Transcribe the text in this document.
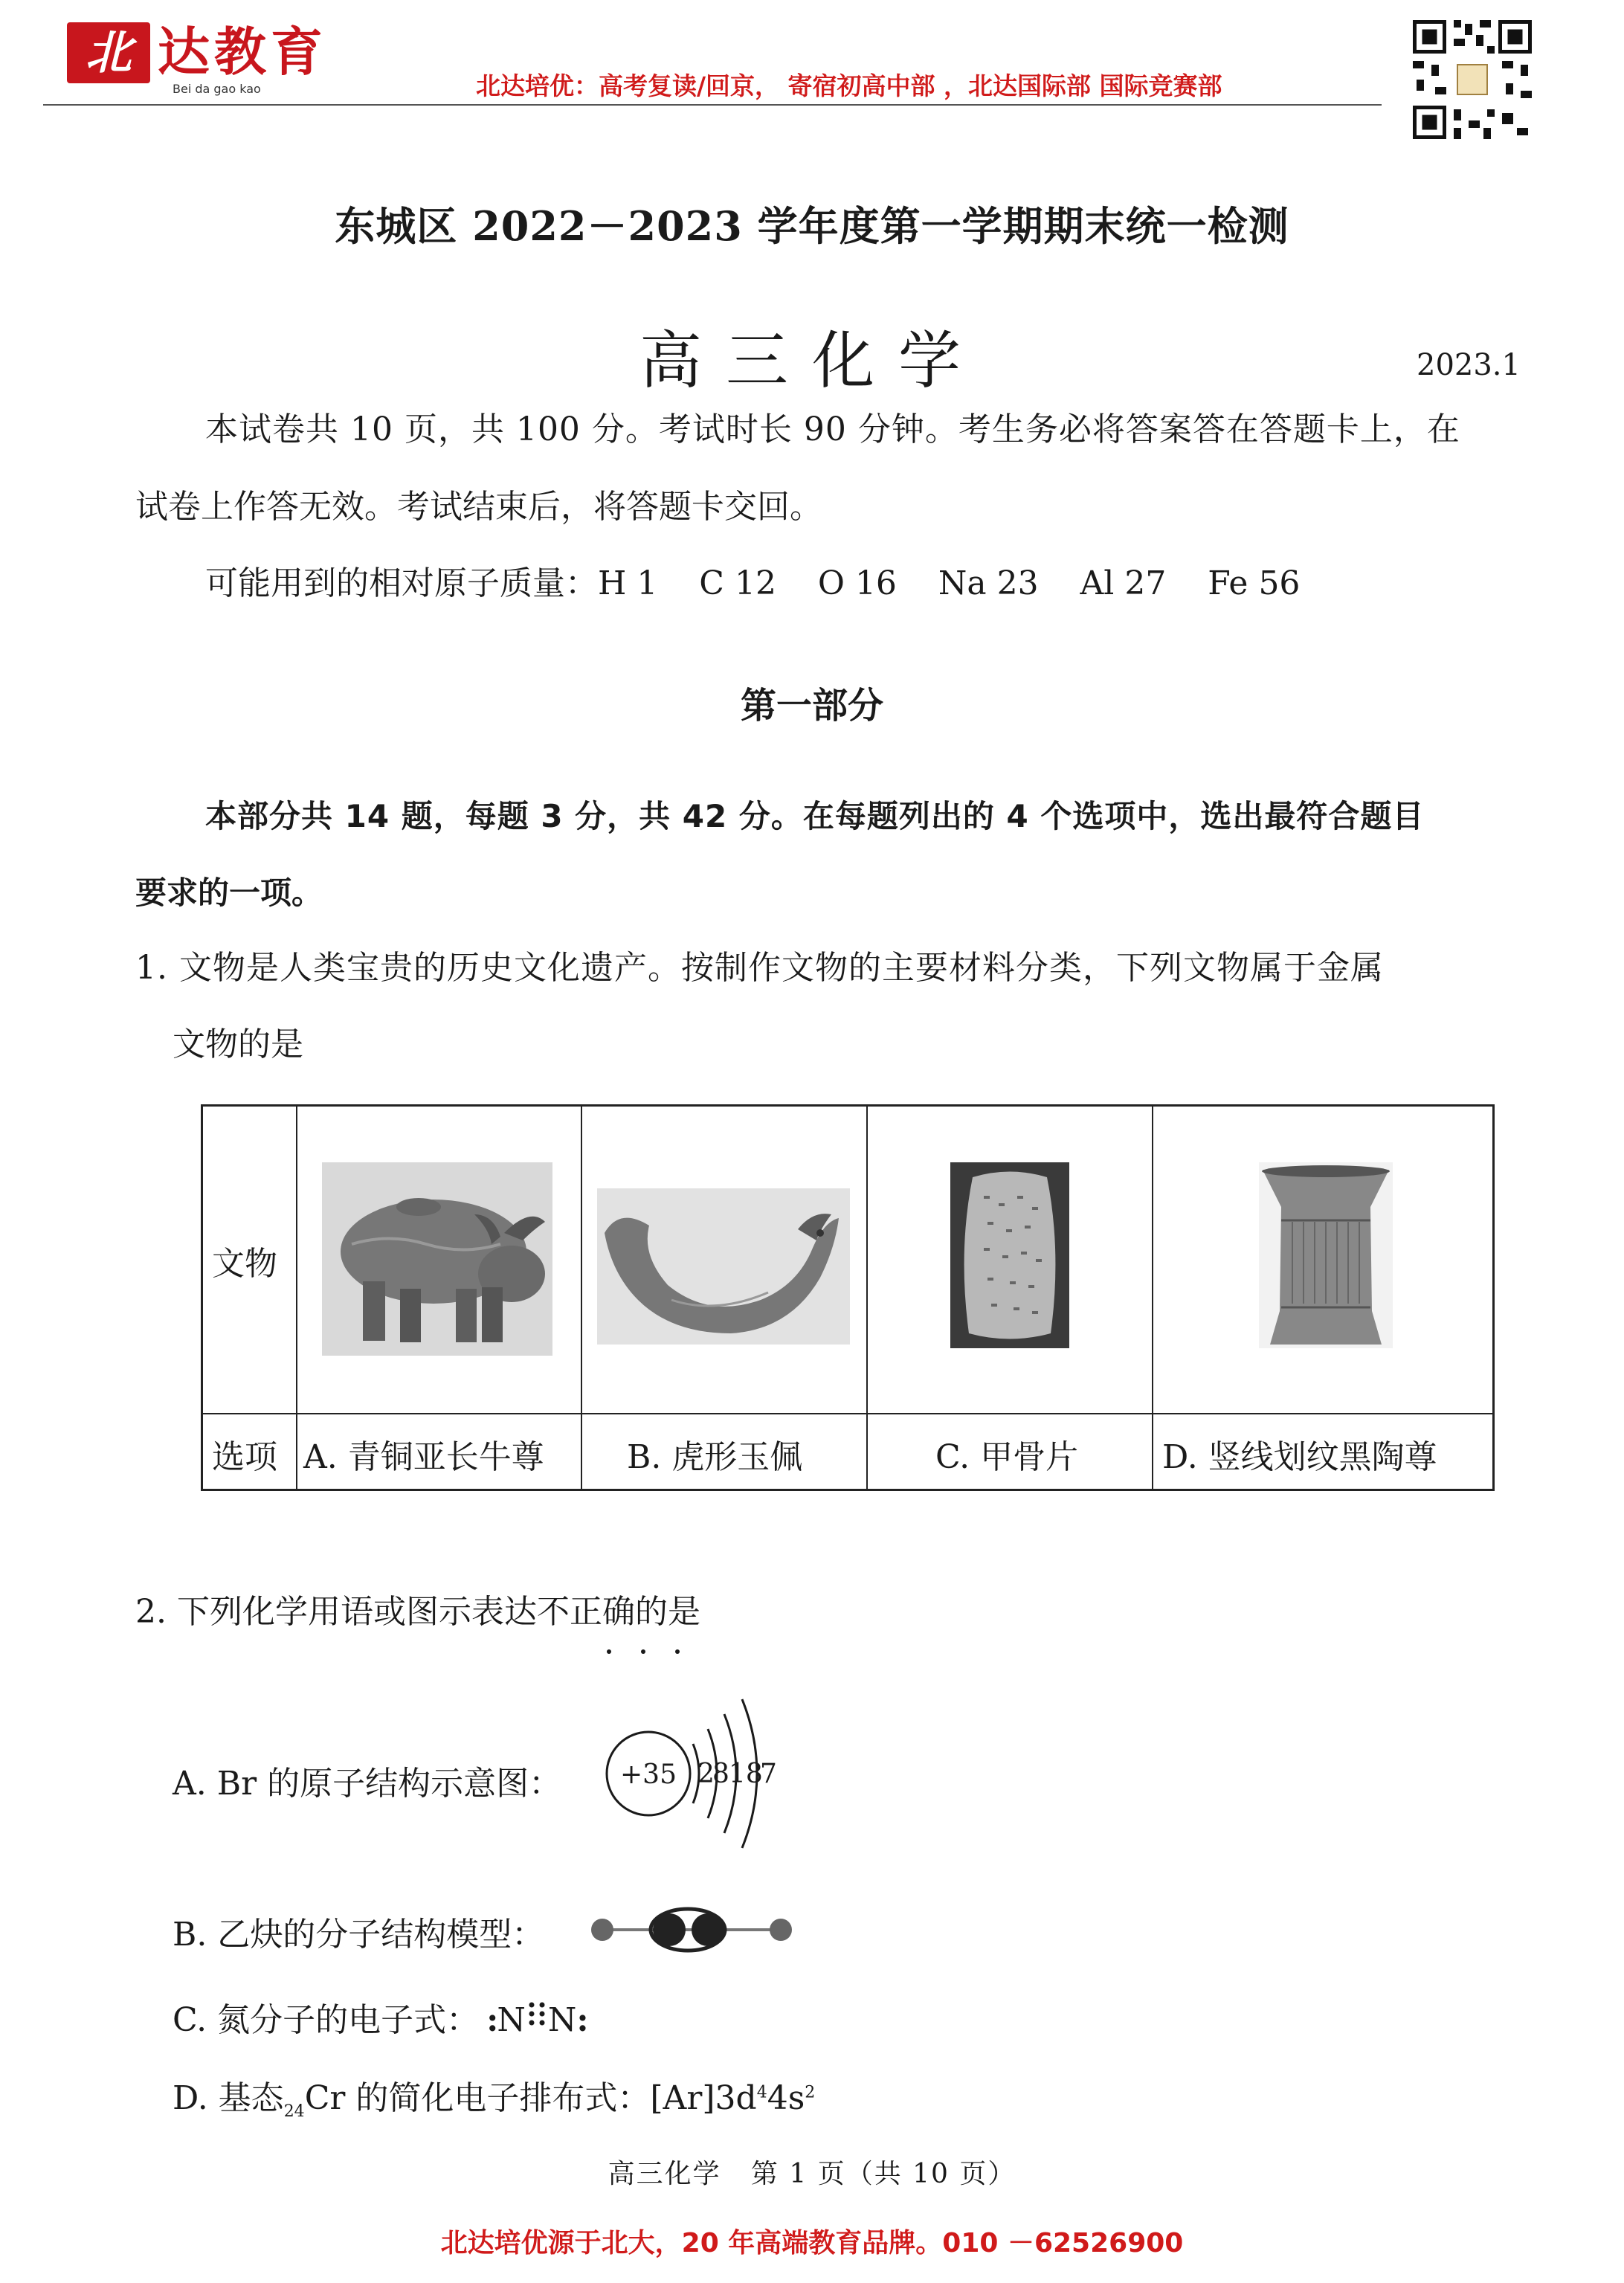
北 达教育
Bei da gao kao	北达培优：高考复读/回京， 寄宿初高中部 ，北达国际部 国际竞赛部
东城区 2022－2023 学年度第一学期期末统一检测
高三化学	2023.1
本试卷共 10 页，共 100 分。考试时长 90 分钟。考生务必将答案答在答题卡上，在
试卷上作答无效。考试结束后，将答题卡交回。
可能用到的相对原子质量：H 1    C 12    O 16    Na 23    Al 27    Fe 56
第一部分
本部分共 14 题，每题 3 分，共 42 分。在每题列出的 4 个选项中，选出最符合题目
要求的一项。
1. 文物是人类宝贵的历史文化遗产。按制作文物的主要材料分类，下列文物属于金属
文物的是
文物
选项 A. 青铜亚长牛尊	B. 虎形玉佩	C. 甲骨片	D. 竖线划纹黑陶尊
2. 下列化学用语或图示表达不正确的是
A. Br 的原子结构示意图： +35 2
8 18
7
B. 乙炔的分子结构模型：
C. 氮分子的电子式： :N N:
D. 基态$_{24}$Cr 的简化电子排布式：$[Ar]3d^44s^2$
高三化学   第 1 页（共 10 页）
北达培优源于北大，20 年高端教育品牌。010 －62526900
